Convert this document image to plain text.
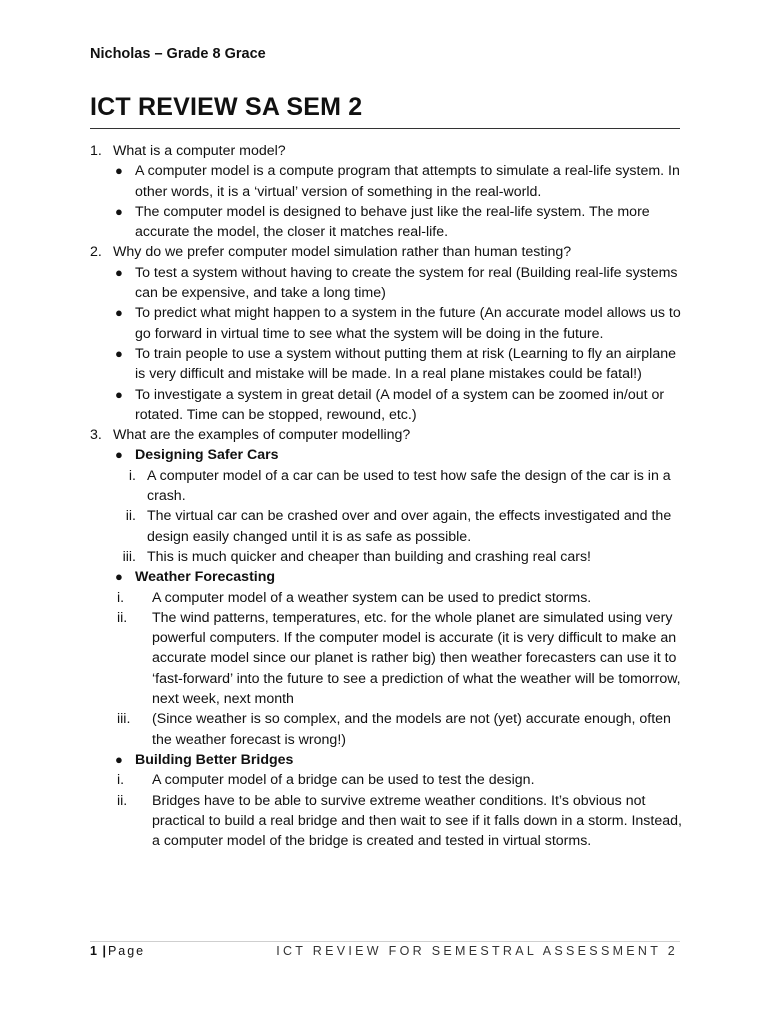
Nicholas – Grade 8 Grace
ICT REVIEW SA SEM 2
1. What is a computer model?
● A computer model is a compute program that attempts to simulate a real-life system. In other words, it is a ‘virtual’ version of something in the real-world.
● The computer model is designed to behave just like the real-life system. The more accurate the model, the closer it matches real-life.
2. Why do we prefer computer model simulation rather than human testing?
● To test a system without having to create the system for real (Building real-life systems can be expensive, and take a long time)
● To predict what might happen to a system in the future (An accurate model allows us to go forward in virtual time to see what the system will be doing in the future.
● To train people to use a system without putting them at risk (Learning to fly an airplane is very difficult and mistake will be made. In a real plane mistakes could be fatal!)
● To investigate a system in great detail (A model of a system can be zoomed in/out or rotated. Time can be stopped, rewound, etc.)
3. What are the examples of computer modelling?
● Designing Safer Cars
i. A computer model of a car can be used to test how safe the design of the car is in a crash.
ii. The virtual car can be crashed over and over again, the effects investigated and the design easily changed until it is as safe as possible.
iii. This is much quicker and cheaper than building and crashing real cars!
● Weather Forecasting
i. A computer model of a weather system can be used to predict storms.
ii. The wind patterns, temperatures, etc. for the whole planet are simulated using very powerful computers. If the computer model is accurate (it is very difficult to make an accurate model since our planet is rather big) then weather forecasters can use it to ‘fast-forward’ into the future to see a prediction of what the weather will be tomorrow, next week, next month
iii. (Since weather is so complex, and the models are not (yet) accurate enough, often the weather forecast is wrong!)
● Building Better Bridges
i. A computer model of a bridge can be used to test the design.
ii. Bridges have to be able to survive extreme weather conditions. It’s obvious not practical to build a real bridge and then wait to see if it falls down in a storm. Instead, a computer model of the bridge is created and tested in virtual storms.
1 |Page	ICT REVIEW FOR SEMESTRAL ASSESSMENT 2
